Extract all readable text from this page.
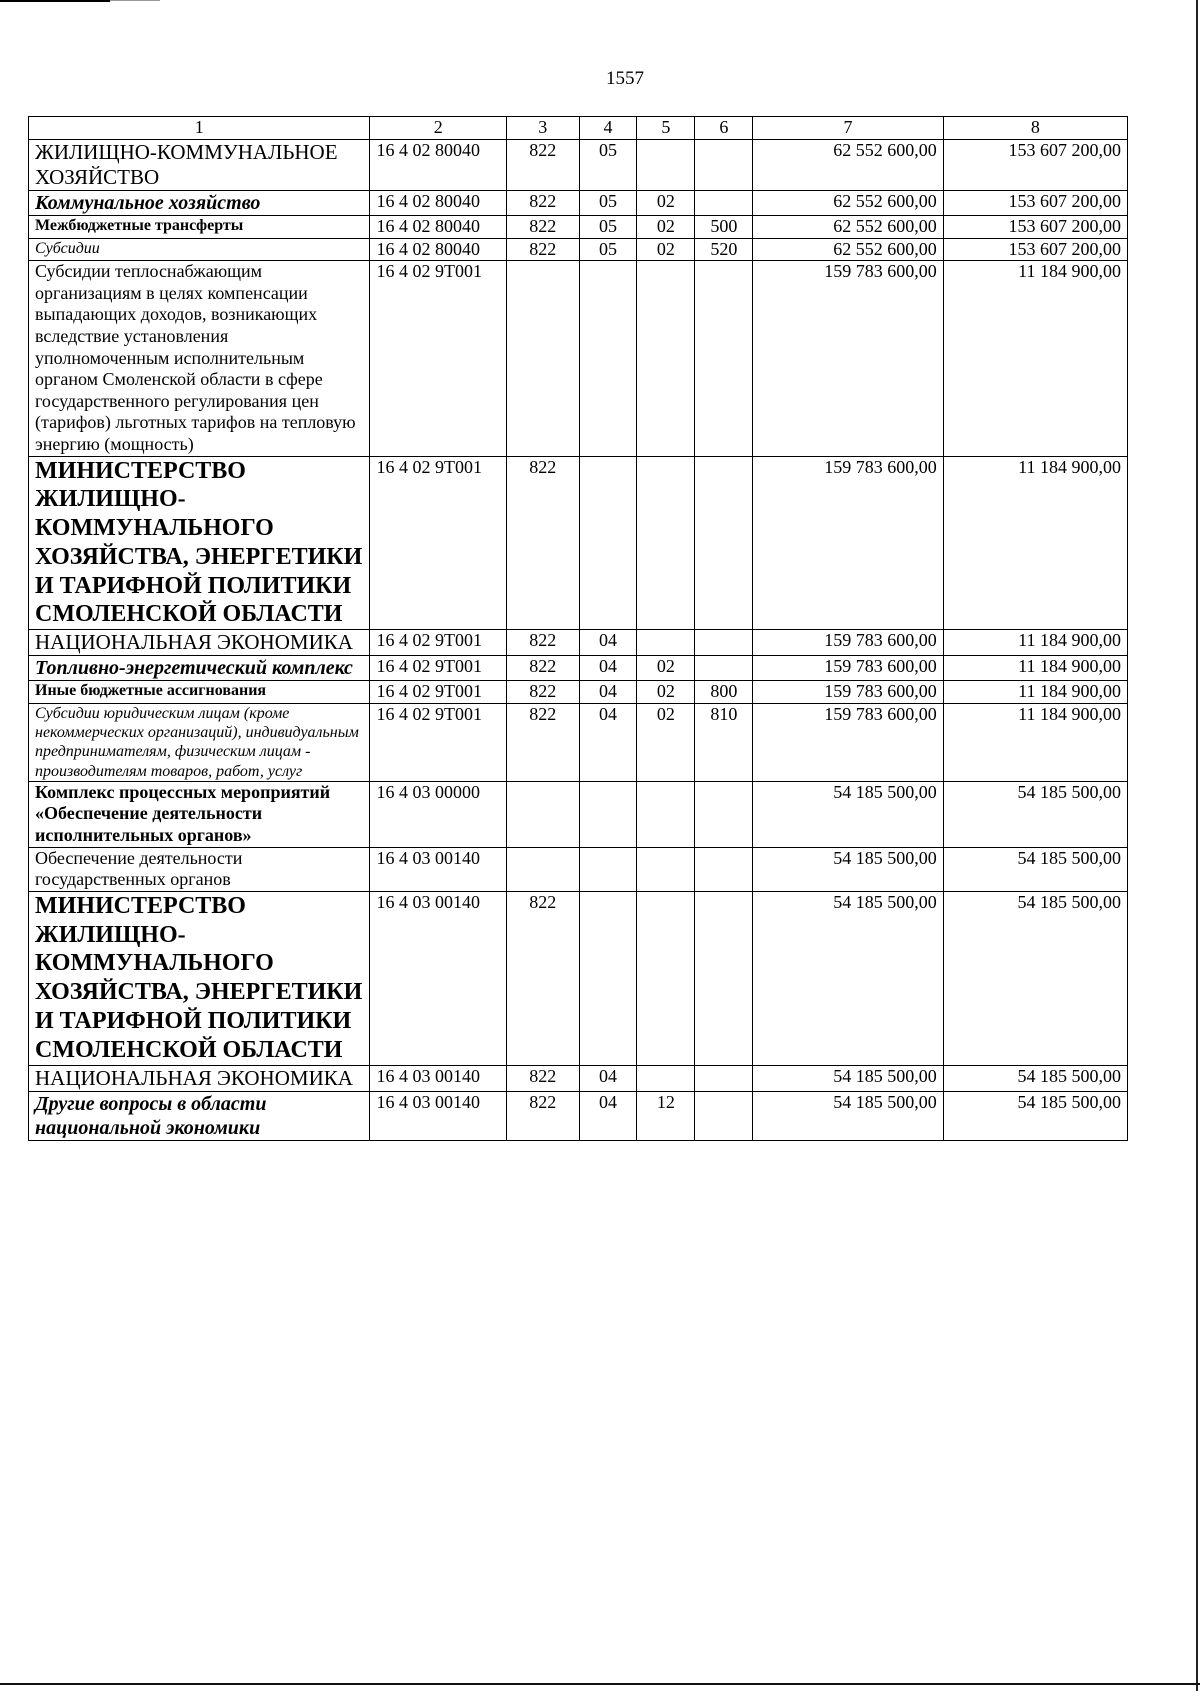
1557
1	2	3	4	5	6	7	8
ЖИЛИЩНО-КОММУНАЛЬНОЕ ХОЗЯЙСТВО	16 4 02 80040	822	05			62 552 600,00	153 607 200,00
Коммунальное хозяйство	16 4 02 80040	822	05	02		62 552 600,00	153 607 200,00
Межбюджетные трансферты	16 4 02 80040	822	05	02	500	62 552 600,00	153 607 200,00
Субсидии	16 4 02 80040	822	05	02	520	62 552 600,00	153 607 200,00
Субсидии теплоснабжающим организациям в целях компенсации выпадающих доходов, возникающих вследствие установления уполномоченным исполнительным органом Смоленской области в сфере государственного регулирования цен (тарифов) льготных тарифов на тепловую энергию (мощность)	16 4 02 9Т001					159 783 600,00	11 184 900,00
МИНИСТЕРСТВО ЖИЛИЩНО-КОММУНАЛЬНОГО ХОЗЯЙСТВА, ЭНЕРГЕТИКИ И ТАРИФНОЙ ПОЛИТИКИ СМОЛЕНСКОЙ ОБЛАСТИ	16 4 02 9Т001	822				159 783 600,00	11 184 900,00
НАЦИОНАЛЬНАЯ ЭКОНОМИКА	16 4 02 9Т001	822	04			159 783 600,00	11 184 900,00
Топливно-энергетический комплекс	16 4 02 9Т001	822	04	02		159 783 600,00	11 184 900,00
Иные бюджетные ассигнования	16 4 02 9Т001	822	04	02	800	159 783 600,00	11 184 900,00
Субсидии юридическим лицам (кроме некоммерческих организаций), индивидуальным предпринимателям, физическим лицам - производителям товаров, работ, услуг	16 4 02 9Т001	822	04	02	810	159 783 600,00	11 184 900,00
Комплекс процессных мероприятий «Обеспечение деятельности исполнительных органов»	16 4 03 00000					54 185 500,00	54 185 500,00
Обеспечение деятельности государственных органов	16 4 03 00140					54 185 500,00	54 185 500,00
МИНИСТЕРСТВО ЖИЛИЩНО-КОММУНАЛЬНОГО ХОЗЯЙСТВА, ЭНЕРГЕТИКИ И ТАРИФНОЙ ПОЛИТИКИ СМОЛЕНСКОЙ ОБЛАСТИ	16 4 03 00140	822				54 185 500,00	54 185 500,00
НАЦИОНАЛЬНАЯ ЭКОНОМИКА	16 4 03 00140	822	04			54 185 500,00	54 185 500,00
Другие вопросы в области национальной экономики	16 4 03 00140	822	04	12		54 185 500,00	54 185 500,00
